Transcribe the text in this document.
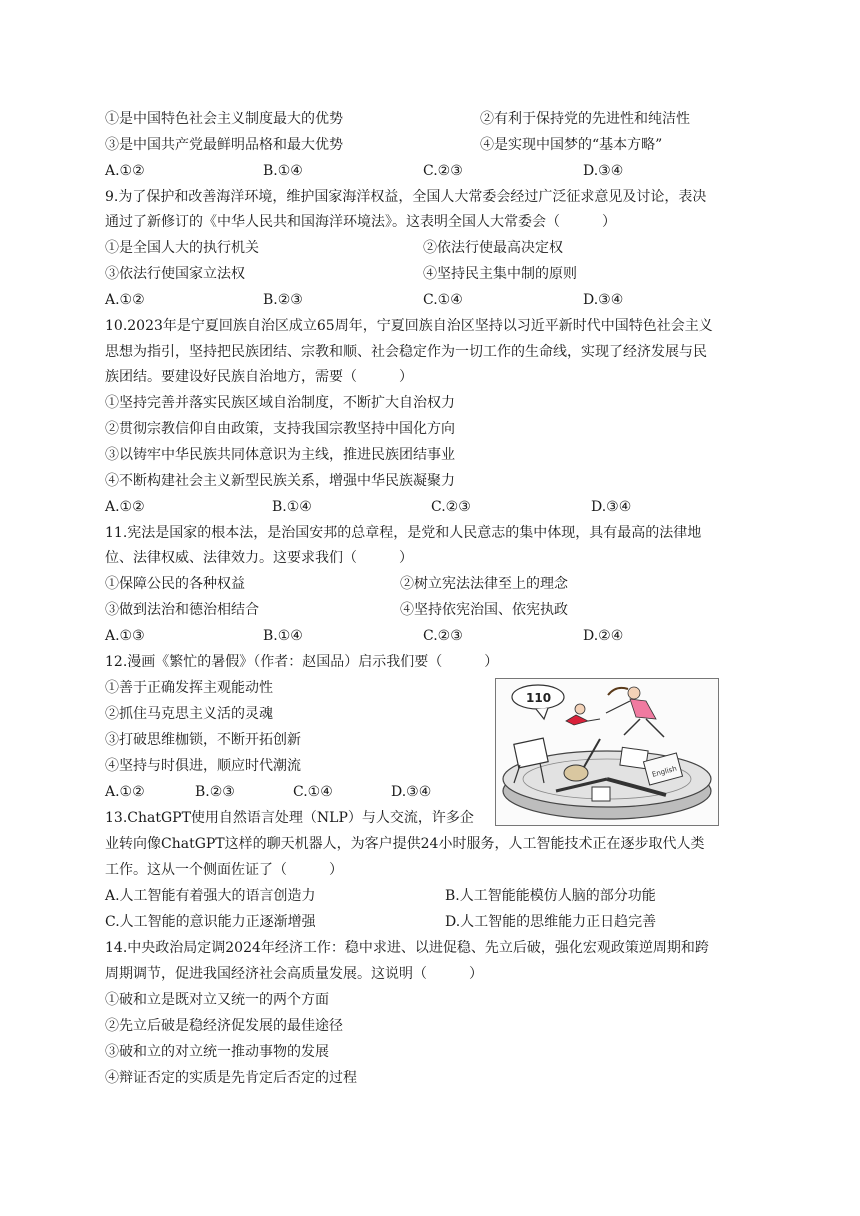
①是中国特色社会主义制度最大的优势	②有利于保持党的先进性和纯洁性
③是中国共产党最鲜明品格和最大优势	④是实现中国梦的“基本方略”
A.①②	B.①④	C.②③	D.③④
9.为了保护和改善海洋环境，维护国家海洋权益，全国人大常委会经过广泛征求意见及讨论，表决
通过了新修订的《中华人民共和国海洋环境法》。这表明全国人大常委会（　　　）
①是全国人大的执行机关	②依法行使最高决定权
③依法行使国家立法权	④坚持民主集中制的原则
A.①②	B.②③	C.①④	D.③④
10.2023年是宁夏回族自治区成立65周年，宁夏回族自治区坚持以习近平新时代中国特色社会主义
思想为指引，坚持把民族团结、宗教和顺、社会稳定作为一切工作的生命线，实现了经济发展与民
族团结。要建设好民族自治地方，需要（　　　）
①坚持完善并落实民族区域自治制度，不断扩大自治权力
②贯彻宗教信仰自由政策，支持我国宗教坚持中国化方向
③以铸牢中华民族共同体意识为主线，推进民族团结事业
④不断构建社会主义新型民族关系，增强中华民族凝聚力
A.①②	B.①④	C.②③	D.③④
11.宪法是国家的根本法，是治国安邦的总章程，是党和人民意志的集中体现，具有最高的法律地
位、法律权威、法律效力。这要求我们（　　　）
①保障公民的各种权益	②树立宪法法律至上的理念
③做到法治和德治相结合	④坚持依宪治国、依宪执政
A.①③	B.①④	C.②③	D.②④
12.漫画《繁忙的暑假》（作者：赵国品）启示我们要（　　　）
①善于正确发挥主观能动性
②抓住马克思主义活的灵魂
③打破思维枷锁，不断开拓创新
④坚持与时俱进，顺应时代潮流
A.①②	B.②③	C.①④	D.③④
English
110
13.ChatGPT使用自然语言处理（NLP）与人交流，许多企
业转向像ChatGPT这样的聊天机器人，为客户提供24小时服务，人工智能技术正在逐步取代人类
工作。这从一个侧面佐证了（　　　）
A.人工智能有着强大的语言创造力	B.人工智能能模仿人脑的部分功能
C.人工智能的意识能力正逐渐增强	D.人工智能的思维能力正日趋完善
14.中央政治局定调2024年经济工作：稳中求进、以进促稳、先立后破，强化宏观政策逆周期和跨
周期调节，促进我国经济社会高质量发展。这说明（　　　）
①破和立是既对立又统一的两个方面
②先立后破是稳经济促发展的最佳途径
③破和立的对立统一推动事物的发展
④辩证否定的实质是先肯定后否定的过程
